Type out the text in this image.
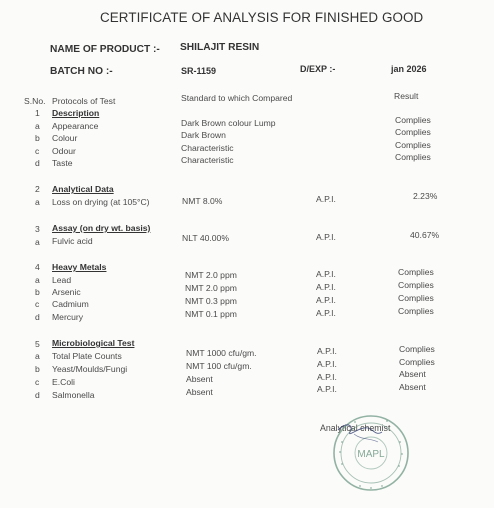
CERTIFICATE OF ANALYSIS FOR FINISHED GOOD
NAME OF PRODUCT :- SHILAJIT RESIN
BATCH NO :-	SR-1159	D/EXP :-	jan 2026
S.No. Protocols of Test	Standard to which Compared	Result
1 Description
a Appearance	Dark Brown colour Lump	Complies
b Colour	Dark Brown	Complies
c Odour	Characteristic	Complies
d Taste	Characteristic	Complies
2 Analytical Data
a Loss on drying (at 105°C)	NMT 8.0%	A.P.I.	2.23%
3 Assay (on dry wt. basis)
a Fulvic acid	NLT 40.00%	A.P.I.	40.67%
4 Heavy Metals
a Lead	NMT 2.0 ppm	A.P.I.	Complies
b Arsenic	NMT 2.0 ppm	A.P.I.	Complies
c Cadmium	NMT 0.3 ppm	A.P.I.	Complies
d Mercury	NMT 0.1 ppm	A.P.I.	Complies
5 Microbiological Test
a Total Plate Counts	NMT 1000 cfu/gm.	A.P.I.	Complies
b Yeast/Moulds/Fungi	NMT 100 cfu/gm.	A.P.I.	Complies
c E.Coli	Absent	A.P.I.	Absent
d Salmonella	Absent	A.P.I.	Absent
Analytical chemist
MAPL
